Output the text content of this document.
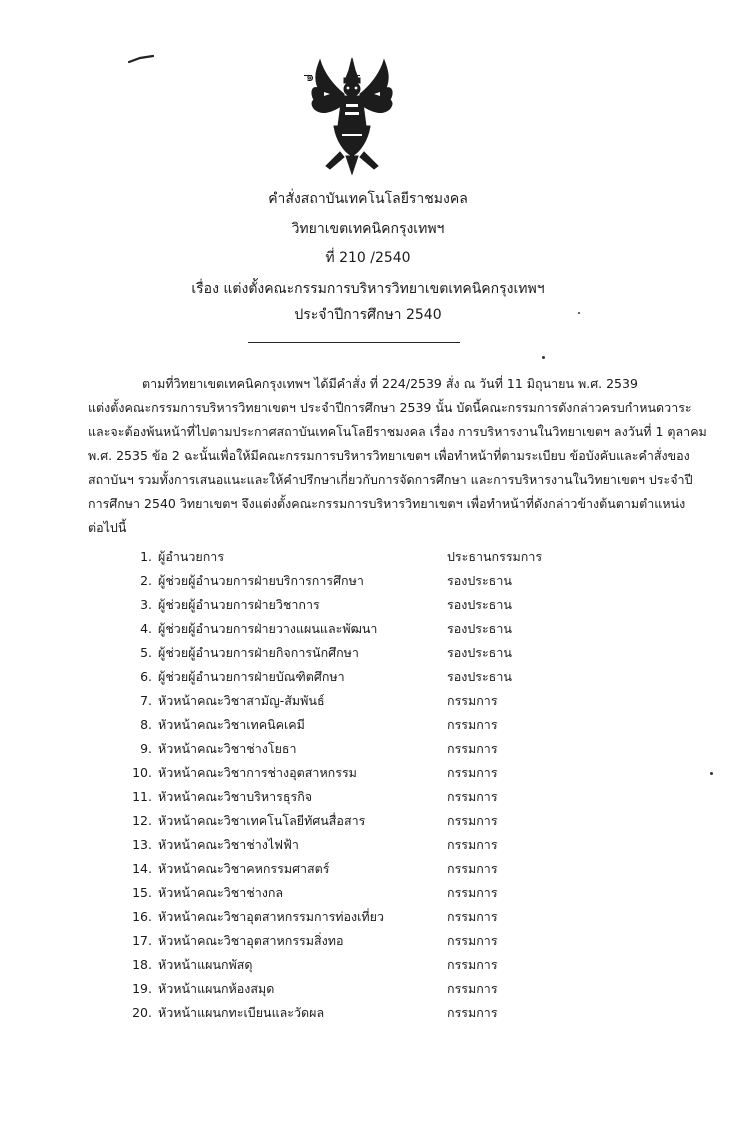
๑๒
คำสั่งสถาบันเทคโนโลยีราชมงคล
วิทยาเขตเทคนิคกรุงเทพฯ
ที่ 210 /2540
เรื่อง แต่งตั้งคณะกรรมการบริหารวิทยาเขตเทคนิคกรุงเทพฯ
ประจำปีการศึกษา 2540
ตามที่วิทยาเขตเทคนิคกรุงเทพฯ ได้มีคำสั่ง ที่ 224/2539 สั่ง ณ วันที่ 11 มิถุนายน พ.ศ. 2539
แต่งตั้งคณะกรรมการบริหารวิทยาเขตฯ ประจำปีการศึกษา 2539 นั้น บัดนี้คณะกรรมการดังกล่าวครบกำหนดวาระ
และจะต้องพ้นหน้าที่ไปตามประกาศสถาบันเทคโนโลยีราชมงคล เรื่อง การบริหารงานในวิทยาเขตฯ ลงวันที่ 1 ตุลาคม
พ.ศ. 2535 ข้อ 2 ฉะนั้นเพื่อให้มีคณะกรรมการบริหารวิทยาเขตฯ เพื่อทำหน้าที่ตามระเบียบ ข้อบังคับและคำสั่งของ
สถาบันฯ รวมทั้งการเสนอแนะและให้คำปรึกษาเกี่ยวกับการจัดการศึกษา และการบริหารงานในวิทยาเขตฯ ประจำปี
การศึกษา 2540 วิทยาเขตฯ จึงแต่งตั้งคณะกรรมการบริหารวิทยาเขตฯ เพื่อทำหน้าที่ดังกล่าวข้างต้นตามตำแหน่ง
ต่อไปนี้
1. ผู้อำนวยการ	ประธานกรรมการ
2. ผู้ช่วยผู้อำนวยการฝ่ายบริการการศึกษา	รองประธาน
3. ผู้ช่วยผู้อำนวยการฝ่ายวิชาการ	รองประธาน
4. ผู้ช่วยผู้อำนวยการฝ่ายวางแผนและพัฒนา	รองประธาน
5. ผู้ช่วยผู้อำนวยการฝ่ายกิจการนักศึกษา	รองประธาน
6. ผู้ช่วยผู้อำนวยการฝ่ายบัณฑิตศึกษา	รองประธาน
7. หัวหน้าคณะวิชาสามัญ-สัมพันธ์	กรรมการ
8. หัวหน้าคณะวิชาเทคนิคเคมี	กรรมการ
9. หัวหน้าคณะวิชาช่างโยธา	กรรมการ
10. หัวหน้าคณะวิชาการช่างอุตสาหกรรม	กรรมการ
11. หัวหน้าคณะวิชาบริหารธุรกิจ	กรรมการ
12. หัวหน้าคณะวิชาเทคโนโลยีทัศนสื่อสาร	กรรมการ
13. หัวหน้าคณะวิชาช่างไฟฟ้า	กรรมการ
14. หัวหน้าคณะวิชาคหกรรมศาสตร์	กรรมการ
15. หัวหน้าคณะวิชาช่างกล	กรรมการ
16. หัวหน้าคณะวิชาอุตสาหกรรมการท่องเที่ยว	กรรมการ
17. หัวหน้าคณะวิชาอุตสาหกรรมสิ่งทอ	กรรมการ
18. หัวหน้าแผนกพัสดุ	กรรมการ
19. หัวหน้าแผนกห้องสมุด	กรรมการ
20. หัวหน้าแผนกทะเบียนและวัดผล	กรรมการ
